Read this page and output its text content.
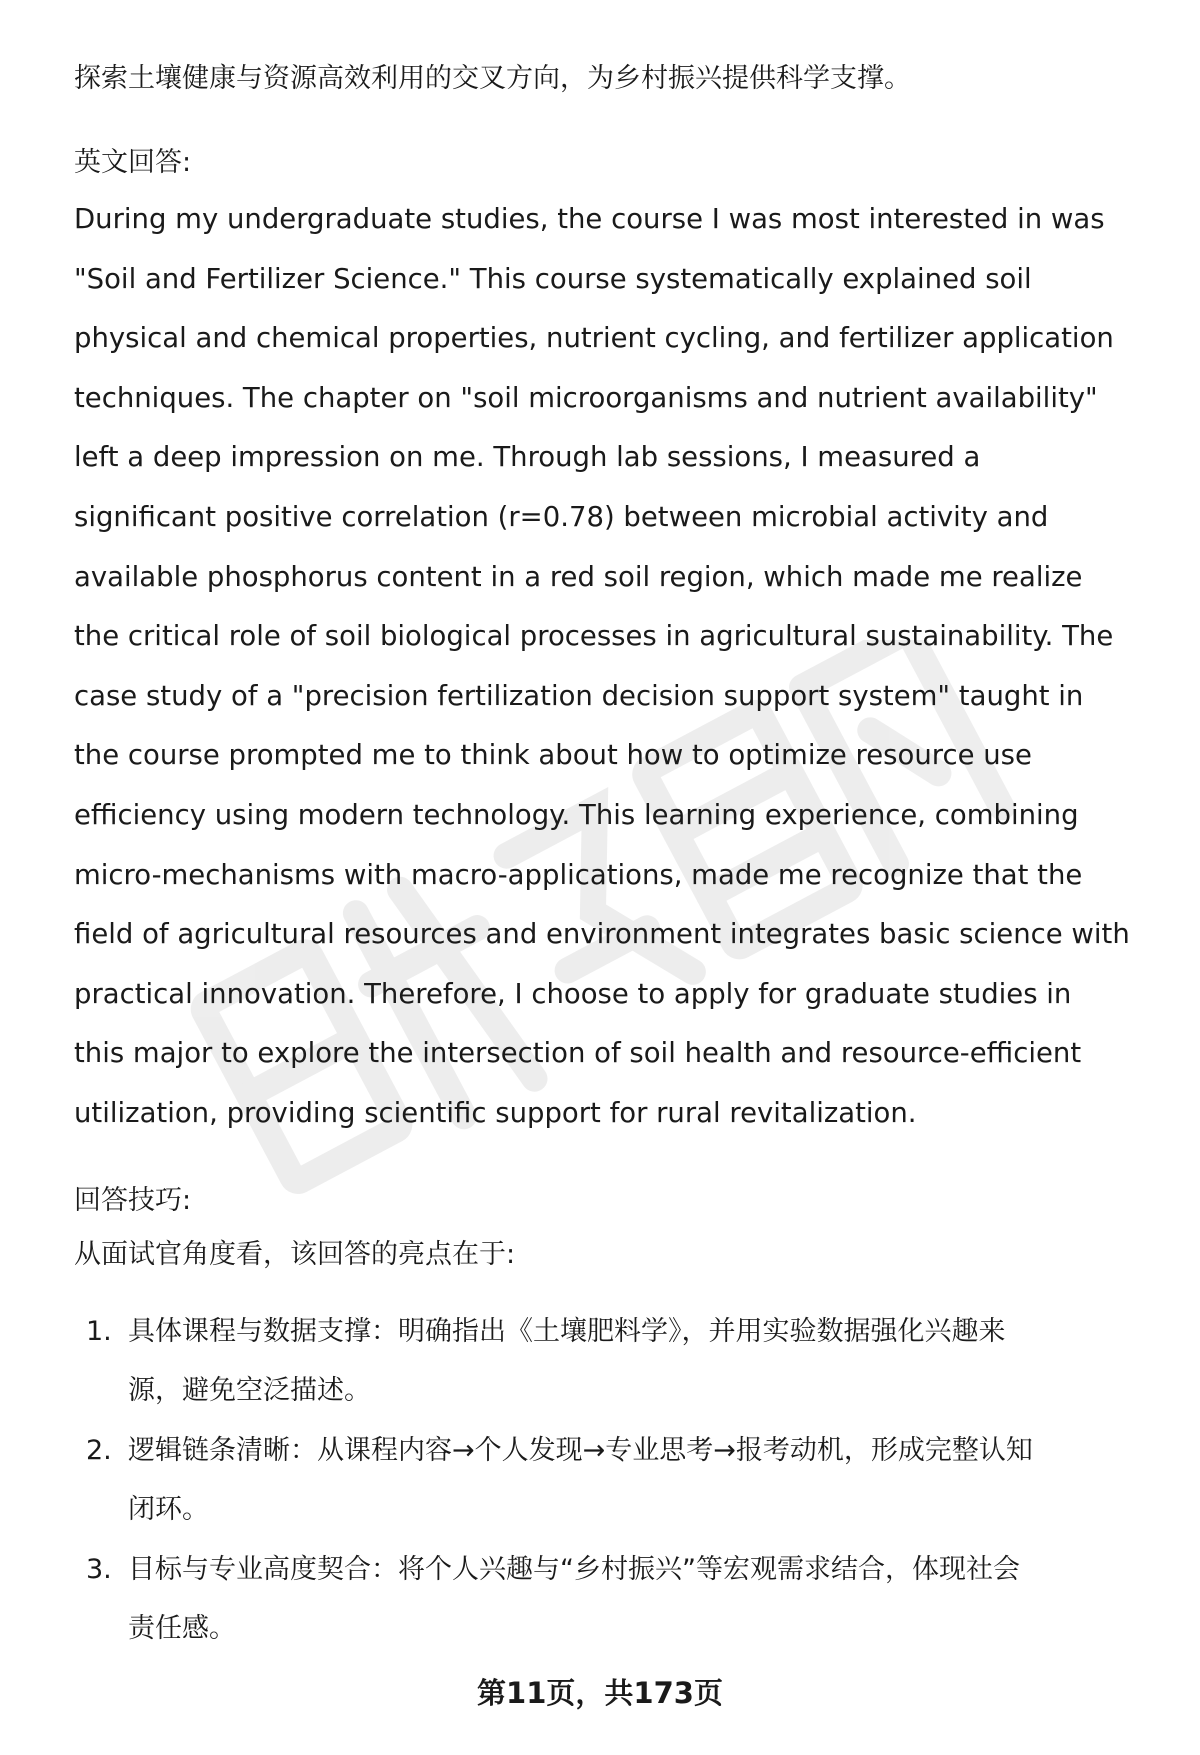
探索土壤健康与资源高效利用的交叉方向，为乡村振兴提供科学支撑。

英文回答:

During my undergraduate studies, the course I was most interested in was
"Soil and Fertilizer Science." This course systematically explained soil
physical and chemical properties, nutrient cycling, and fertilizer application
techniques. The chapter on "soil microorganisms and nutrient availability"
left a deep impression on me. Through lab sessions, I measured a
significant positive correlation (r=0.78) between microbial activity and
available phosphorus content in a red soil region, which made me realize
the critical role of soil biological processes in agricultural sustainability. The
case study of a "precision fertilization decision support system" taught in
the course prompted me to think about how to optimize resource use
efficiency using modern technology. This learning experience, combining
micro-mechanisms with macro-applications, made me recognize that the
field of agricultural resources and environment integrates basic science with
practical innovation. Therefore, I choose to apply for graduate studies in
this major to explore the intersection of soil health and resource-efficient
utilization, providing scientific support for rural revitalization.

回答技巧:

从面试官角度看，该回答的亮点在于:

1. 具体课程与数据支撑：明确指出《土壤肥料学》，并用实验数据强化兴趣来
源，避免空泛描述。
2. 逻辑链条清晰：从课程内容→个人发现→专业思考→报考动机，形成完整认知
闭环。
3. 目标与专业高度契合：将个人兴趣与“乡村振兴”等宏观需求结合，体现社会
责任感。
第11页，共173页
